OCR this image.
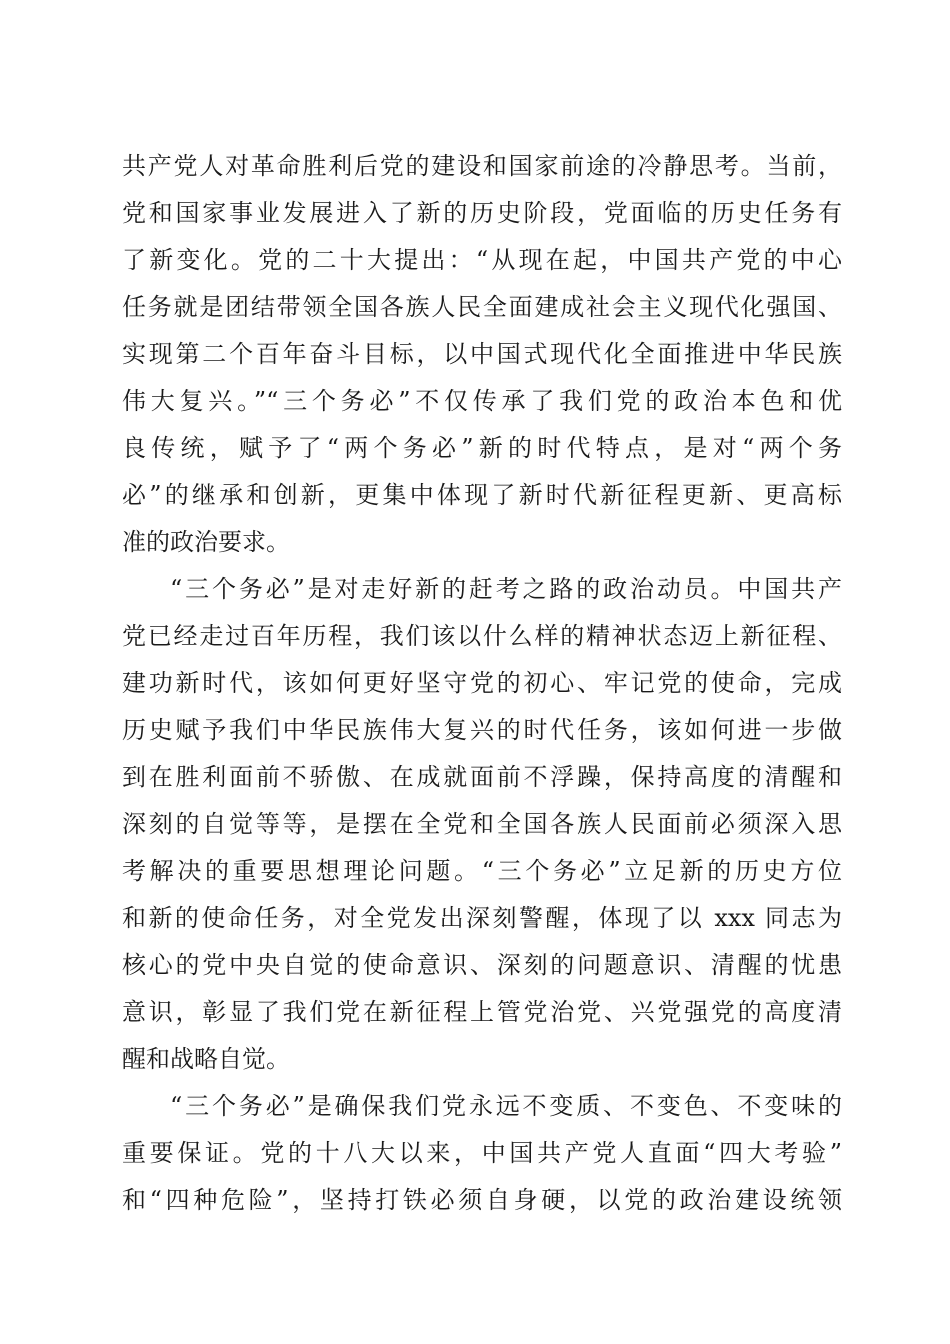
共产党人对革命胜利后党的建设和国家前途的冷静思考。当前，
党和国家事业发展进入了新的历史阶段，党面临的历史任务有
了新变化。党的二十大提出：“从现在起，中国共产党的中心
任务就是团结带领全国各族人民全面建成社会主义现代化强国、
实现第二个百年奋斗目标，以中国式现代化全面推进中华民族
伟大复兴。”“三个务必”不仅传承了我们党的政治本色和优
良传统，赋予了“两个务必”新的时代特点，是对“两个务
必”的继承和创新，更集中体现了新时代新征程更新、更高标
准的政治要求。
“三个务必”是对走好新的赶考之路的政治动员。中国共产
党已经走过百年历程，我们该以什么样的精神状态迈上新征程、
建功新时代，该如何更好坚守党的初心、牢记党的使命，完成
历史赋予我们中华民族伟大复兴的时代任务，该如何进一步做
到在胜利面前不骄傲、在成就面前不浮躁，保持高度的清醒和
深刻的自觉等等，是摆在全党和全国各族人民面前必须深入思
考解决的重要思想理论问题。“三个务必”立足新的历史方位
和新的使命任务，对全党发出深刻警醒，体现了以 xxx 同志为
核心的党中央自觉的使命意识、深刻的问题意识、清醒的忧患
意识，彰显了我们党在新征程上管党治党、兴党强党的高度清
醒和战略自觉。
“三个务必”是确保我们党永远不变质、不变色、不变味的
重要保证。党的十八大以来，中国共产党人直面“四大考验”
和“四种危险”，坚持打铁必须自身硬，以党的政治建设统领
